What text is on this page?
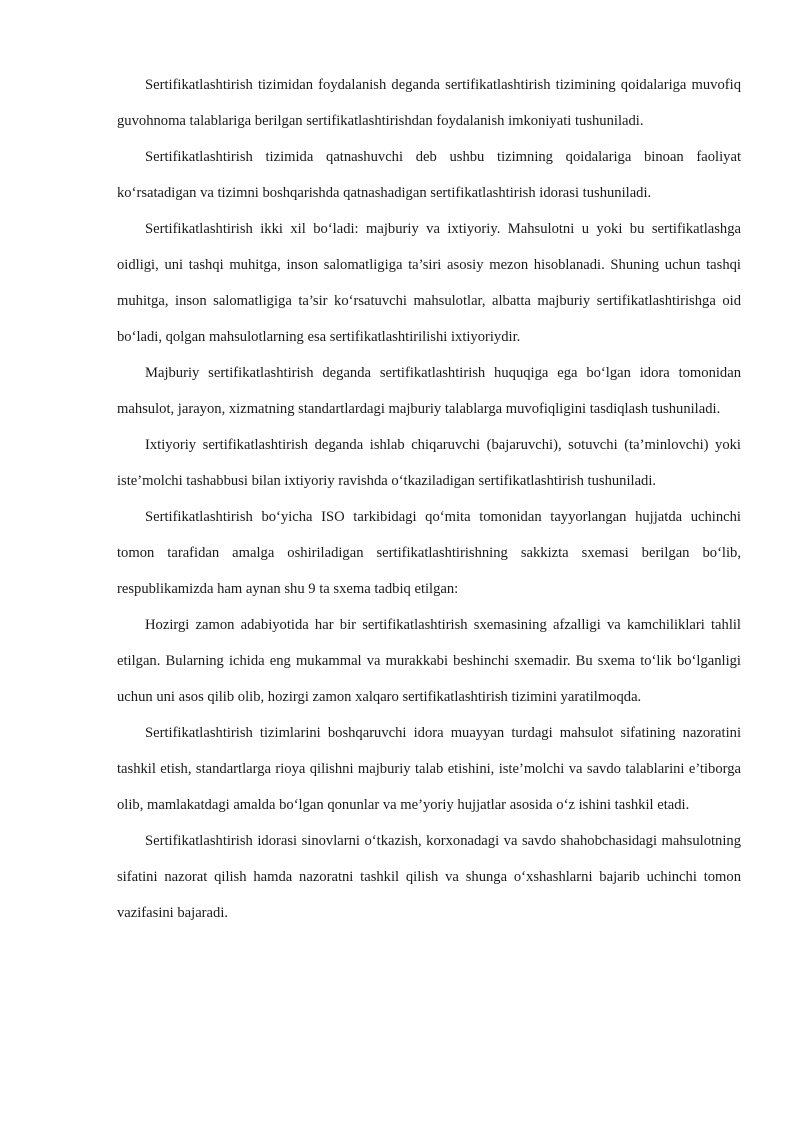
Sertifikatlashtirish tizimidan foydalanish deganda sertifikatlashtirish tizimining qoidalariga muvofiq guvohnoma talablariga berilgan sertifikatlashtirishdan foydalanish imkoniyati tushuniladi.

Sertifikatlashtirish tizimida qatnashuvchi deb ushbu tizimning qoidalariga binoan faoliyat ko‘rsatadigan va tizimni boshqarishda qatnashadigan sertifikatlashtirish idorasi tushuniladi.

Sertifikatlashtirish ikki xil bo‘ladi: majburiy va ixtiyoriy. Mahsulotni u yoki bu sertifikatlashga oidligi, uni tashqi muhitga, inson salomatligiga ta’siri asosiy mezon hisoblanadi. Shuning uchun tashqi muhitga, inson salomatligiga ta’sir ko‘rsatuvchi mahsulotlar, albatta majburiy sertifikatlashtirishga oid bo‘ladi, qolgan mahsulotlarning esa sertifikatlashtirilishi ixtiyoriydir.

Majburiy sertifikatlashtirish deganda sertifikatlashtirish huquqiga ega bo‘lgan idora tomonidan mahsulot, jarayon, xizmatning standartlardagi majburiy talablarga muvofiqligini tasdiqlash tushuniladi.

Ixtiyoriy sertifikatlashtirish deganda ishlab chiqaruvchi (bajaruvchi), sotuvchi (ta’minlovchi) yoki iste’molchi tashabbusi bilan ixtiyoriy ravishda o‘tkaziladigan sertifikatlashtirish tushuniladi.

Sertifikatlashtirish bo‘yicha ISO tarkibidagi qo‘mita tomonidan tayyorlangan hujjatda uchinchi tomon tarafidan amalga oshiriladigan sertifikatlashtirishning sakkizta sxemasi berilgan bo‘lib, respublikamizda ham aynan shu 9 ta sxema tadbiq etilgan:

Hozirgi zamon adabiyotida har bir sertifikatlashtirish sxemasining afzalligi va kamchiliklari tahlil etilgan. Bularning ichida eng mukammal va murakkabi beshinchi sxemadir. Bu sxema to‘lik bo‘lganligi uchun uni asos qilib olib, hozirgi zamon xalqaro sertifikatlashtirish tizimini yaratilmoqda.

Sertifikatlashtirish tizimlarini boshqaruvchi idora muayyan turdagi mahsulot sifatining nazoratini tashkil etish, standartlarga rioya qilishni majburiy talab etishini, iste’molchi va savdo talablarini e’tiborga olib, mamlakatdagi amalda bo‘lgan qonunlar va me’yoriy hujjatlar asosida o‘z ishini tashkil etadi.

Sertifikatlashtirish idorasi sinovlarni o‘tkazish, korxonadagi va savdo shahobchasidagi mahsulotning sifatini nazorat qilish hamda nazoratni tashkil qilish va shunga o‘xshashlarni bajarib uchinchi tomon vazifasini bajaradi.
